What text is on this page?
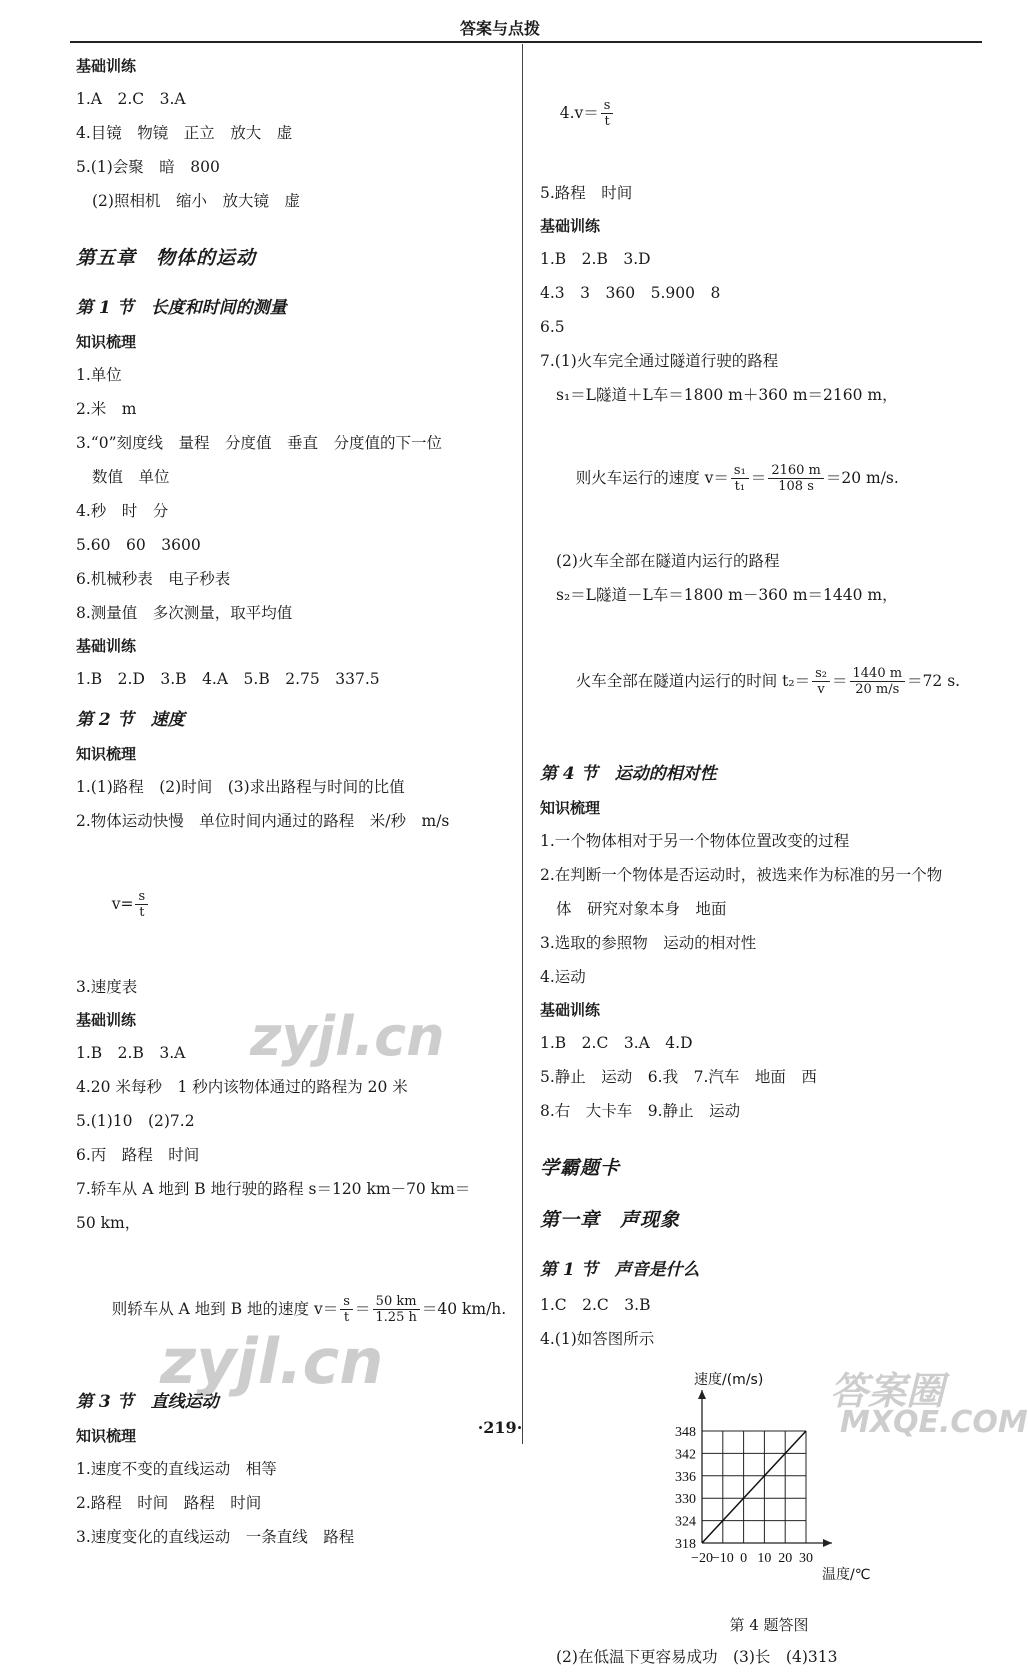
答案与点拨
基础训练
1.A　2.C　3.A
4.目镜　物镜　正立　放大　虚
5.(1)会聚　暗　800
(2)照相机　缩小　放大镜　虚
第五章　物体的运动
第 1 节　长度和时间的测量
知识梳理
1.单位
2.米　m
3.“0”刻度线　量程　分度值　垂直　分度值的下一位
数值　单位
4.秒　时　分
5.60　60　3600
6.机械秒表　电子秒表
8.测量值　多次测量，取平均值
基础训练
1.B　2.D　3.B　4.A　5.B　2.75　337.5
第 2 节　速度
知识梳理
1.(1)路程　(2)时间　(3)求出路程与时间的比值
2.物体运动快慢　单位时间内通过的路程　米/秒　m/s

$v= \frac{s}{t}$

3.速度表
基础训练
1.B　2.B　3.A
4.20 米每秒　1 秒内该物体通过的路程为 20 米
5.(1)10　(2)7.2
6.丙　路程　时间
7.轿车从 A 地到 B 地行驶的路程 s＝120 km－70 km＝
50 km，

则轿车从 A 地到 B 地的速度 $v= \frac{s}{t} = \frac{50 km}{1.25 h} =40$ km/h.

第 3 节　直线运动
知识梳理
1.速度不变的直线运动　相等
2.路程　时间　路程　时间
3.速度变化的直线运动　一条直线　路程

$4.v= \frac{s}{t}$

5.路程　时间
基础训练
1.B　2.B　3.D
4.3　3　360　5.900　8
6.5
7.(1)火车完全通过隧道行驶的路程
s₁＝L隧道＋L车＝1800 m＋360 m＝2160 m，

则火车运行的速度 $v= \frac{\text{s₁}}{\text{t₁}} = \frac{2160 m}{108 s} =20$ m/s.

(2)火车全部在隧道内运行的路程
s₂＝L隧道－L车＝1800 m－360 m＝1440 m，

火车全部在隧道内运行的时间 $t_2= \frac{\text{s₂}}{v} = \frac{1440 m}{20 m/s} =72$ s.

第 4 节　运动的相对性
知识梳理
1.一个物体相对于另一个物体位置改变的过程
2.在判断一个物体是否运动时，被选来作为标准的另一个物
体　研究对象本身　地面
3.选取的参照物　运动的相对性
4.运动
基础训练
1.B　2.C　3.A　4.D
5.静止　运动　6.我　7.汽车　地面　西
8.右　大卡车　9.静止　运动
学霸题卡
第一章　声现象
第 1 节　声音是什么
1.C　2.C　3.B
4.(1)如答图所示
−20
−10 0 10 20 30
318
324
330
336
342
348
速度/(m/s)
温度/℃
第 4 题答图
(2)在低温下更容易成功　(3)长　(4)313
·219·
zyjl.cn
zyjl.cn	答案圈
MXQE.COM
